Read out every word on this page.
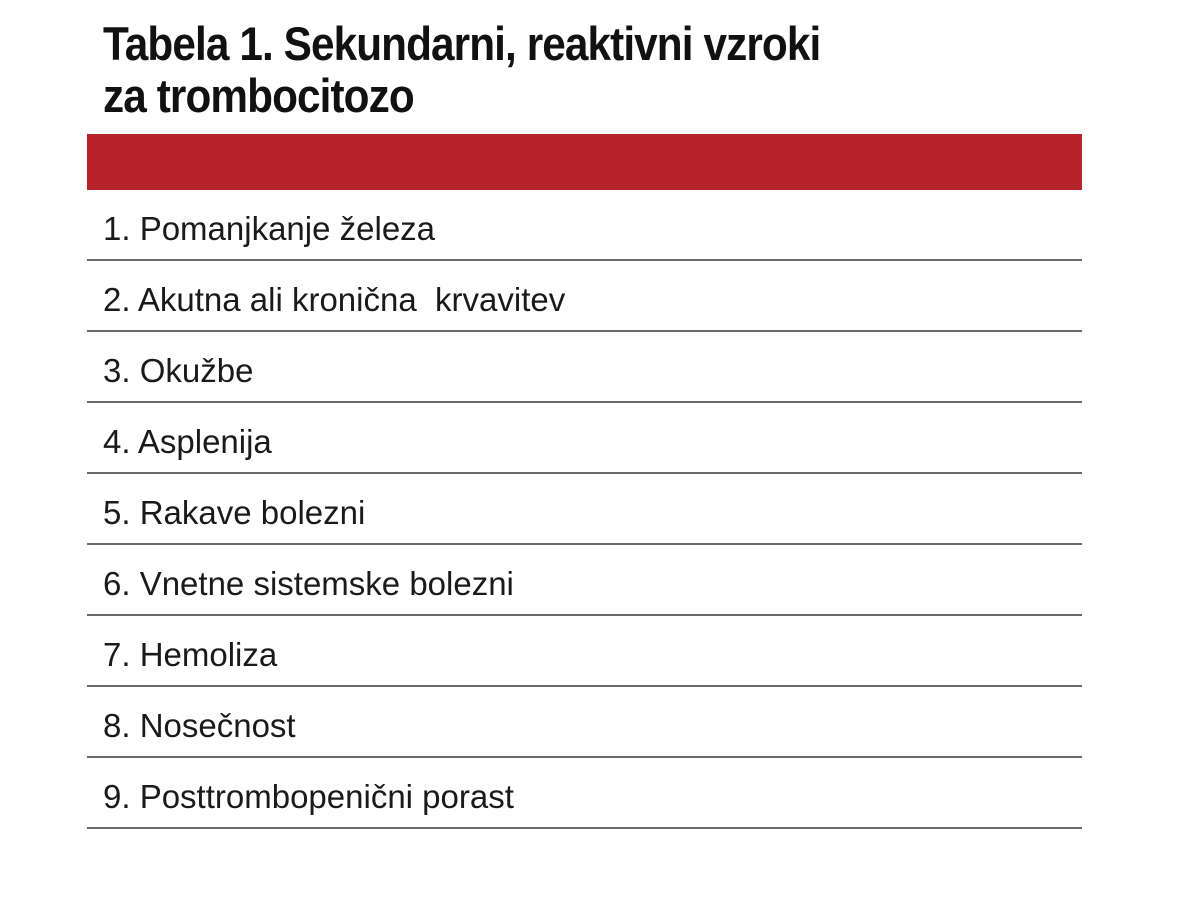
Tabela 1. Sekundarni, reaktivni vzroki
za trombocitozo
1. Pomanjkanje železa
2. Akutna ali kronična  krvavitev
3. Okužbe
4. Asplenija
5. Rakave bolezni
6. Vnetne sistemske bolezni
7. Hemoliza
8. Nosečnost
9. Posttrombopenični porast
